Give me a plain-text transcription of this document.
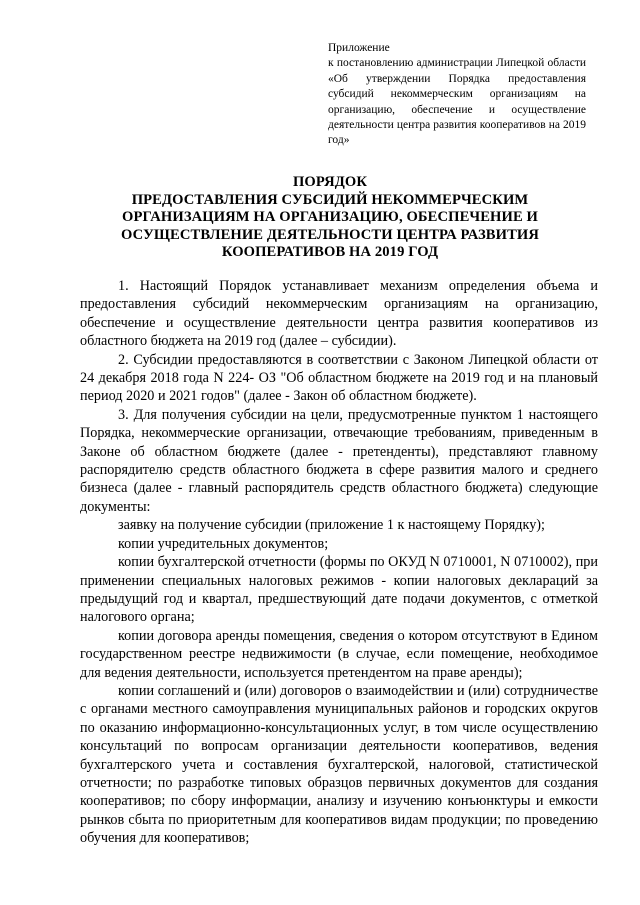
Приложение
к постановлению администрации Липецкой области «Об утверждении Порядка предоставления субсидий некоммерческим организациям на организацию, обеспечение и осуществление деятельности центра развития кооперативов на 2019 год»
ПОРЯДОК
ПРЕДОСТАВЛЕНИЯ СУБСИДИЙ НЕКОММЕРЧЕСКИМ
ОРГАНИЗАЦИЯМ НА ОРГАНИЗАЦИЮ, ОБЕСПЕЧЕНИЕ И
ОСУЩЕСТВЛЕНИЕ ДЕЯТЕЛЬНОСТИ ЦЕНТРА РАЗВИТИЯ
КООПЕРАТИВОВ НА 2019 ГОД

1. Настоящий Порядок устанавливает механизм определения объема и предоставления субсидий некоммерческим организациям на организацию, обеспечение и осуществление деятельности центра развития кооперативов из областного бюджета на 2019 год (далее – субсидии).

2. Субсидии предоставляются в соответствии с Законом Липецкой области от 24 декабря 2018 года N 224- ОЗ "Об областном бюджете на 2019 год и на плановый период 2020 и 2021 годов" (далее - Закон об областном бюджете).

3. Для получения субсидии на цели, предусмотренные пунктом 1 настоящего Порядка, некоммерческие организации, отвечающие требованиям, приведенным в Законе об областном бюджете (далее - претенденты), представляют главному распорядителю средств областного бюджета в сфере развития малого и среднего бизнеса (далее - главный распорядитель средств областного бюджета) следующие документы:

заявку на получение субсидии (приложение 1 к настоящему Порядку);

копии учредительных документов;

копии бухгалтерской отчетности (формы по ОКУД N 0710001, N 0710002), при применении специальных налоговых режимов - копии налоговых деклараций за предыдущий год и квартал, предшествующий дате подачи документов, с отметкой налогового органа;

копии договора аренды помещения, сведения о котором отсутствуют в Едином государственном реестре недвижимости (в случае, если помещение, необходимое для ведения деятельности, используется претендентом на праве аренды);

копии соглашений и (или) договоров о взаимодействии и (или) сотрудничестве с органами местного самоуправления муниципальных районов и городских округов по оказанию информационно-консультационных услуг, в том числе осуществлению консультаций по вопросам организации деятельности кооперативов, ведения бухгалтерского учета и составления бухгалтерской, налоговой, статистической отчетности; по разработке типовых образцов первичных документов для создания кооперативов; по сбору информации, анализу и изучению конъюнктуры и емкости рынков сбыта по приоритетным для кооперативов видам продукции; по проведению обучения для кооперативов;
